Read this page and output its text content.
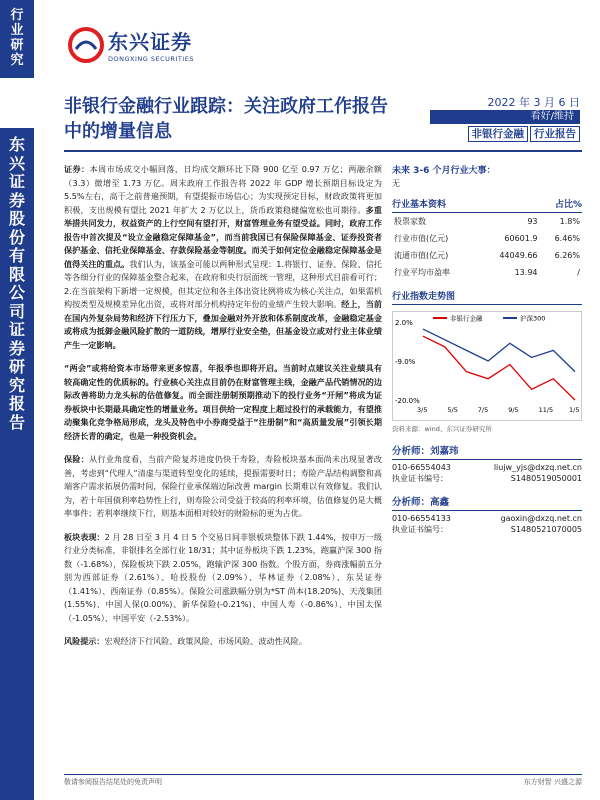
行业研究
东兴证券股份有限公司证券研究报告
东兴证券
DONGXING SECURITIES
非银行金融行业跟踪：关注政府工作报告中的增量信息
2022 年 3 月 6 日
看好/维持
非银行金融 行业报告

证券：本周市场成交小幅回落，日均成交额环比下降 900 亿至 0.97 万亿；两融余额（3.3）微增至 1.73 万亿。周末政府工作报告将 2022 年 GDP 增长预期目标设定为 5.5%左右，高于之前普遍预期，有望提振市场信心；为实现预定目标，财政政策将更加积极，支出规模有望比 2021 年扩大 2 万亿以上，货币政策稳健偏宽松也可期待。多重举措共同发力，权益资产的上行空间有望打开，财富管理业务有望受益。同时，政府工作报告中首次提及“设立金融稳定保障基金”，而当前我国已有保险保障基金、证券投资者保护基金、信托业保障基金、存款保险基金等制度。而关于如何定位金融稳定保障基金是值得关注的重点。我们认为，该基金可能以两种形式呈现：1.将银行、证券、保险、信托等各细分行业的保障基金整合起来，在政府和央行层面统一管理，这种形式目前看可行；2.在当前架构下新增一定规模，但其定位和各主体出资比例将成为核心关注点，如果需机构按类型及规模差异化出资，或将对部分机构持定年份的业绩产生较大影响。经上，当前在国内外复杂局势和经济下行压力下，叠加金融对外开放和体系制度改革，金融稳定基金或将成为抵御金融风险扩散的一道防线，增厚行业安全垫，但基金设立或对行业主体业绩产生一定影响。

“两会”或将给资本市场带来更多惊喜，年报季也即将开启。当前时点建议关注业绩具有较高确定性的优质标的。行业核心关注点目前仍在财富管理主线，金融产品代销情况的边际改善将助力龙头标的估值修复。而全面注册制预期推动下的投行业务“开闸”将成为证券板块中长期最具确定性的增量业务。项目供给一定程度上超过投行的承载能力，有望推动聚集化竞争格局形成，龙头及特色中小券商受益于“注册制”和“高质量发展”引领长期经济长青的确定，也是一种投资机会。

保险：从行业角度看，当前产险复苏进度仍快于寿险，寿险板块基本面尚未出现显著改善，考虑到“代理人”清虚与渠道转型变化的延续，提振需要时日；寿险产品结构调整和高端客户需求拓展仍需时间，保险行业承保端边际改善 margin 长期难以有效修复。我们认为，若十年国债利率趋势性上行，则寿险公司受益于较高的利率环境，估值修复仍是大概率事件；若利率继续下行，则基本面相对较好的财险标的更为占优。

板块表现：2 月 28 日至 3 月 4 日 5 个交易日间非银板块整体下跌 1.44%，按申万一级行业分类标准，非银排名全部行业 18/31；其中证券板块下跌 1.23%，跑赢沪深 300 指数（-1.68%），保险板块下跌 2.05%，跑输沪深 300 指数。个股方面，券商涨幅前五分别为西部证券（2.61%）、哈投股份（2.09%）、华林证券（2.08%）、东吴证券（1.41%）、西南证券（0.85%）。保险公司涨跌幅分别为*ST 尚本(18.20%)、天茂集团(1.55%)、中国人保(0.00%)、新华保险(-0.21%)、中国人寿（-0.86%）、中国太保（-1.05%）、中国平安（-2.53%）。

风险提示：宏观经济下行风险、政策风险、市场风险、波动性风险。

未来 3-6 个月行业大事：
无
行业基本资料	占比%
股票家数	93	1.8%
行业市值(亿元)	60601.9	6.46%
流通市值(亿元)	44049.66	6.26%
行业平均市盈率	13.94	/
行业指数走势图
2.0%
-9.0%
-20.0%
3/5	5/5	7/5	9/5	11/5 1/5
非银行金融	沪深300
资料来源：wind、东兴证券研究所
分析师：刘嘉玮
010-66554043	liujw_yjs@dxzq.net.cn
执业证书编号：	S1480519050001
分析师：高鑫
010-66554133	gaoxin@dxzq.net.cn
执业证书编号：	S1480521070005
敬请参阅报告结尾处的免责声明	东方财智 兴盛之源
